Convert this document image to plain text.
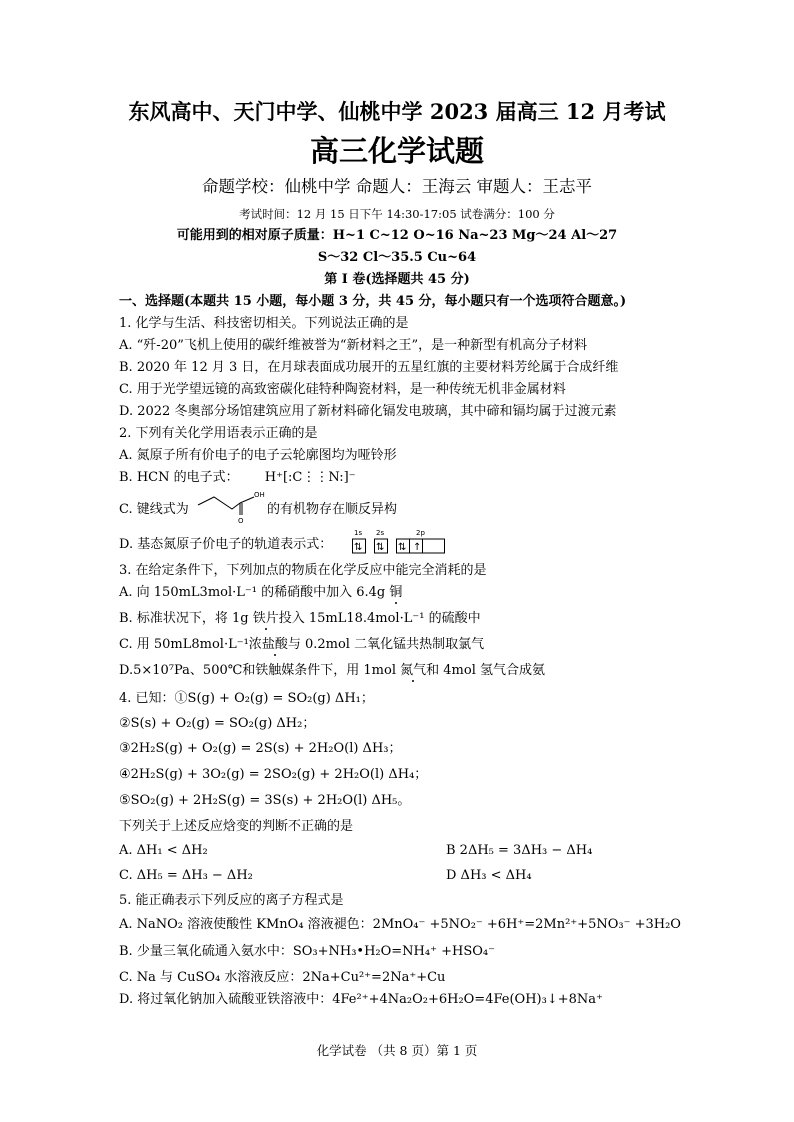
东风高中、天门中学、仙桃中学 2023 届高三 12 月考试
高三化学试题
命题学校：仙桃中学 命题人：王海云 审题人：王志平
考试时间：12 月 15 日下午 14:30-17:05 试卷满分：100 分
可能用到的相对原子质量：H~1 C~12 O~16 Na~23 Mg～24 Al～27
S～32 Cl～35.5 Cu~64
第 I 卷(选择题共 45 分)
一、选择题(本题共 15 小题，每小题 3 分，共 45 分，每小题只有一个选项符合题意。)
1. 化学与生活、科技密切相关。下列说法正确的是
A. “歼-20”飞机上使用的碳纤维被誉为“新材料之王”，是一种新型有机高分子材料
B. 2020 年 12 月 3 日，在月球表面成功展开的五星红旗的主要材料芳纶属于合成纤维
C. 用于光学望远镜的高致密碳化硅特种陶瓷材料，是一种传统无机非金属材料
D. 2022 冬奥部分场馆建筑应用了新材料碲化镉发电玻璃，其中碲和镉均属于过渡元素
2. 下列有关化学用语表示正确的是
A. 氮原子所有价电子的电子云轮廓图均为哑铃形
B. HCN 的电子式： H⁺[:C⋮⋮N:]⁻
C. 键线式为	的有机物存在顺反异构
OH
O
D. 基态氮原子价电子的轨道表示式：
1s 2s	2p
⇅ ⇅ ⇅ ↑
3. 在给定条件下，下列加点的物质在化学反应中能完全消耗的是
A. 向 150mL3mol·L⁻¹ 的稀硝酸中加入 6.4g 铜
B. 标准状况下，将 1g 铁片投入 15mL18.4mol·L⁻¹ 的硫酸中
C. 用 50mL8mol·L⁻¹浓盐酸与 0.2mol 二氧化锰共热制取氯气
D.5×10⁷Pa、500℃和铁触媒条件下，用 1mol 氮气和 4mol 氢气合成氨
4. 已知：①S(g) + O₂(g) = SO₂(g) ΔH₁；
②S(s) + O₂(g) = SO₂(g) ΔH₂；
③2H₂S(g) + O₂(g) = 2S(s) + 2H₂O(l) ΔH₃；
④2H₂S(g) + 3O₂(g) = 2SO₂(g) + 2H₂O(l) ΔH₄；
⑤SO₂(g) + 2H₂S(g) = 3S(s) + 2H₂O(l) ΔH₅。
下列关于上述反应焓变的判断不正确的是
A. ΔH₁ < ΔH₂	B 2ΔH₅ = 3ΔH₃ − ΔH₄
C. ΔH₅ = ΔH₃ − ΔH₂	D ΔH₃ < ΔH₄
5. 能正确表示下列反应的离子方程式是
A. NaNO₂ 溶液使酸性 KMnO₄ 溶液褪色：2MnO₄⁻ +5NO₂⁻ +6H⁺=2Mn²⁺+5NO₃⁻ +3H₂O
B. 少量三氧化硫通入氨水中：SO₃+NH₃•H₂O=NH₄⁺ +HSO₄⁻
C. Na 与 CuSO₄ 水溶液反应：2Na+Cu²⁺=2Na⁺+Cu
D. 将过氧化钠加入硫酸亚铁溶液中：4Fe²⁺+4Na₂O₂+6H₂O=4Fe(OH)₃↓+8Na⁺
化学试卷 （共 8 页）第 1 页
